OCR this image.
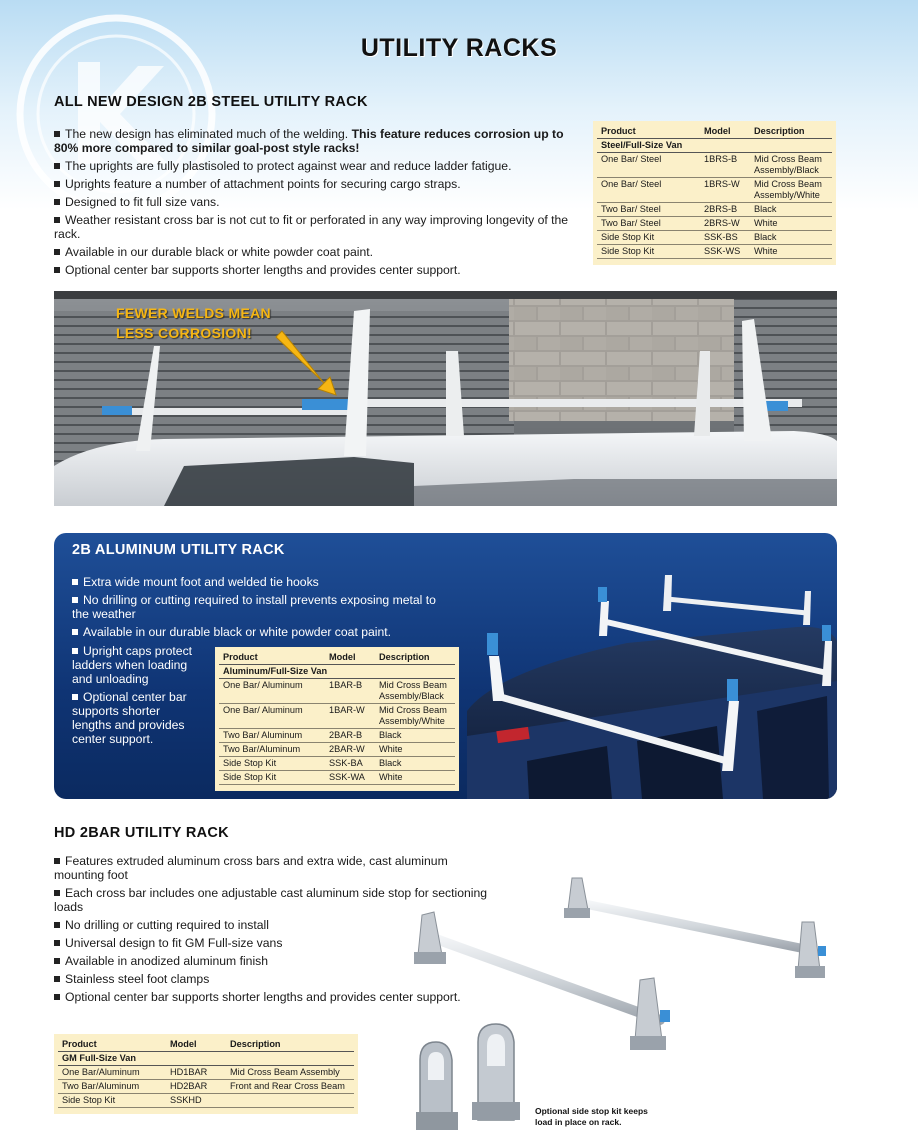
UTILITY RACKS
ALL NEW DESIGN 2B STEEL UTILITY RACK
The new design has eliminated much of the welding. This feature reduces corrosion up to 80% more compared to similar goal-post style racks!
The uprights are fully plastisoled to protect against wear and reduce ladder fatigue.
Uprights feature a number of attachment points for securing cargo straps.
Designed to fit full size vans.
Weather resistant cross bar is not cut to fit or perforated in any way improving longevity of the rack.
Available in our durable black or white powder coat paint.
Optional center bar supports shorter lengths and provides center support.
Product	Model	Description
Steel/Full-Size Van		
One Bar/ Steel	1BRS-B	Mid Cross Beam Assembly/Black
One Bar/ Steel	1BRS-W	Mid Cross Beam Assembly/White
Two Bar/ Steel	2BRS-B	Black
Two Bar/ Steel	2BRS-W	White
Side Stop Kit	SSK-BS	Black
Side Stop Kit	SSK-WS	White
FEWER WELDS MEAN
LESS CORROSION!
2B ALUMINUM UTILITY RACK
Extra wide mount foot and welded tie hooks
No drilling or cutting required to install prevents exposing metal to the weather
Available in our durable black or white powder coat paint.
Upright caps protect ladders when loading and unloading
Optional center bar supports shorter lengths and provides center support.
Product	Model	Description
Aluminum/Full-Size Van		
One Bar/ Aluminum	1BAR-B	Mid Cross Beam Assembly/Black
One Bar/ Aluminum	1BAR-W	Mid Cross Beam Assembly/White
Two Bar/ Aluminum	2BAR-B	Black
Two Bar/Aluminum	2BAR-W	White
Side Stop Kit	SSK-BA	Black
Side Stop Kit	SSK-WA	White
HD 2BAR UTILITY RACK
Features extruded aluminum cross bars and extra wide, cast aluminum mounting foot
Each cross bar includes one adjustable cast aluminum side stop for sectioning loads
No drilling or cutting required to install
Universal design to fit GM Full-size vans
Available in anodized aluminum finish
Stainless steel foot clamps
Optional center bar supports shorter lengths and provides center support.
Product	Model	Description
GM Full-Size Van		
One Bar/Aluminum	HD1BAR	Mid Cross Beam Assembly
Two Bar/Aluminum	HD2BAR	Front and Rear Cross Beam
Side Stop Kit	SSKHD	
Optional side stop kit keeps load in place on rack.
